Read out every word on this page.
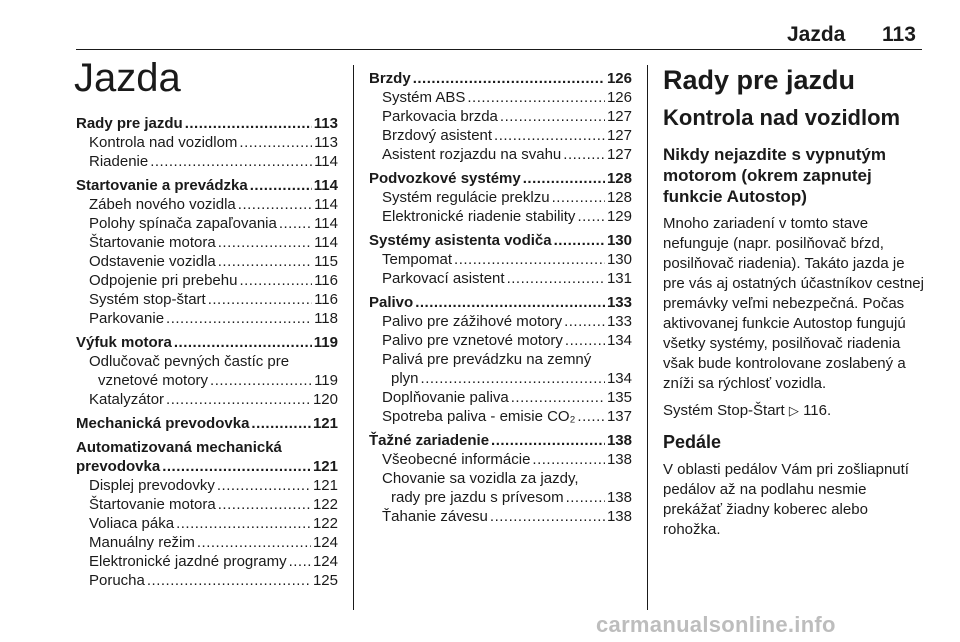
Jazda 113
Jazda
Rady pre jazdu .....	113
Kontrola nad vozidlom .....	113
Riadenie .....	114
Startovanie a prevádzka .....	114
Zábeh nového vozidla .....	114
Polohy spínača zapaľovania ..... 114
Štartovanie motora .....	114
Odstavenie vozidla .....	115
Odpojenie pri prebehu .....	116
Systém stop-štart .....	116
Parkovanie .....	118
Výfuk motora .....	119
Odlučovač pevných častíc pre
vznetové motory .....	119
Katalyzátor .....	120
Mechanická prevodovka .....	121
Automatizovaná mechanická
prevodovka .....	121
Displej prevodovky .....	121
Štartovanie motora .....	122
Voliaca páka .....	122
Manuálny režim .....	124
Elektronické jazdné programy ..... 124
Porucha .....	125
Brzdy .....	126
Systém ABS .....	126
Parkovacia brzda .....	127
Brzdový asistent .....	127
Asistent rozjazdu na svahu .....	127
Podvozkové systémy .....	128
Systém regulácie preklzu .....	128
Elektronické riadenie stability ..... 129
Systémy asistenta vodiča .....	130
Tempomat .....	130
Parkovací asistent .....	131
Palivo .....	133
Palivo pre zážihové motory .....	133
Palivo pre vznetové motory .....	134
Palivá pre prevádzku na zemný
plyn .....	134
Doplňovanie paliva .....	135
Spotreba paliva - emisie CO₂ ..... 137
Ťažné zariadenie .....	138
Všeobecné informácie .....	138
Chovanie sa vozidla za jazdy,
rady pre jazdu s prívesom .....	138
Ťahanie závesu .....	138
Rady pre jazdu
Kontrola nad vozidlom
Nikdy nejazdite s vypnutým motorom (okrem zapnutej funkcie Autostop)
Mnoho zariadení v tomto stave nefunguje (napr. posilňovač bŕzd, posilňovač riadenia). Takáto jazda je pre vás aj ostatných účastníkov cestnej premávky veľmi nebezpečná. Počas aktivovanej funkcie Autostop fungujú všetky systémy, posilňovač riadenia však bude kontrolovane zoslabený a zníži sa rýchlosť vozidla.
Systém Stop-Štart ▷ 116.
Pedále
V oblasti pedálov Vám pri zošliapnutí pedálov až na podlahu nesmie prekážať žiadny koberec alebo rohožka.
carmanualsonline.info
